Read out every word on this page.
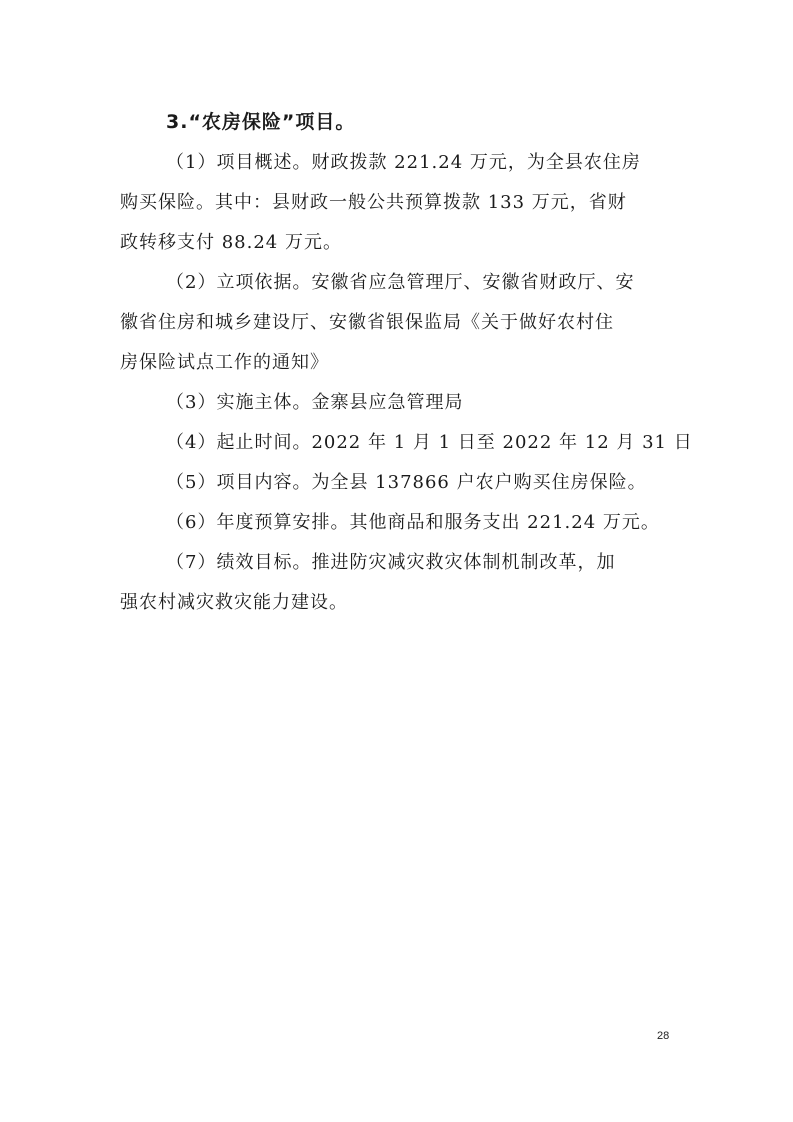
3.“农房保险”项目。

（1）项目概述。财政拨款 221.24 万元，为全县农住房
购买保险。其中：县财政一般公共预算拨款 133 万元，省财
政转移支付 88.24 万元。

（2）立项依据。安徽省应急管理厅、安徽省财政厅、安
徽省住房和城乡建设厅、安徽省银保监局《关于做好农村住
房保险试点工作的通知》

（3）实施主体。金寨县应急管理局

（4）起止时间。2022 年 1 月 1 日至 2022 年 12 月 31 日

（5）项目内容。为全县 137866 户农户购买住房保险。

（6）年度预算安排。其他商品和服务支出 221.24 万元。

（7）绩效目标。推进防灾减灾救灾体制机制改革，加
强农村减灾救灾能力建设。

28
